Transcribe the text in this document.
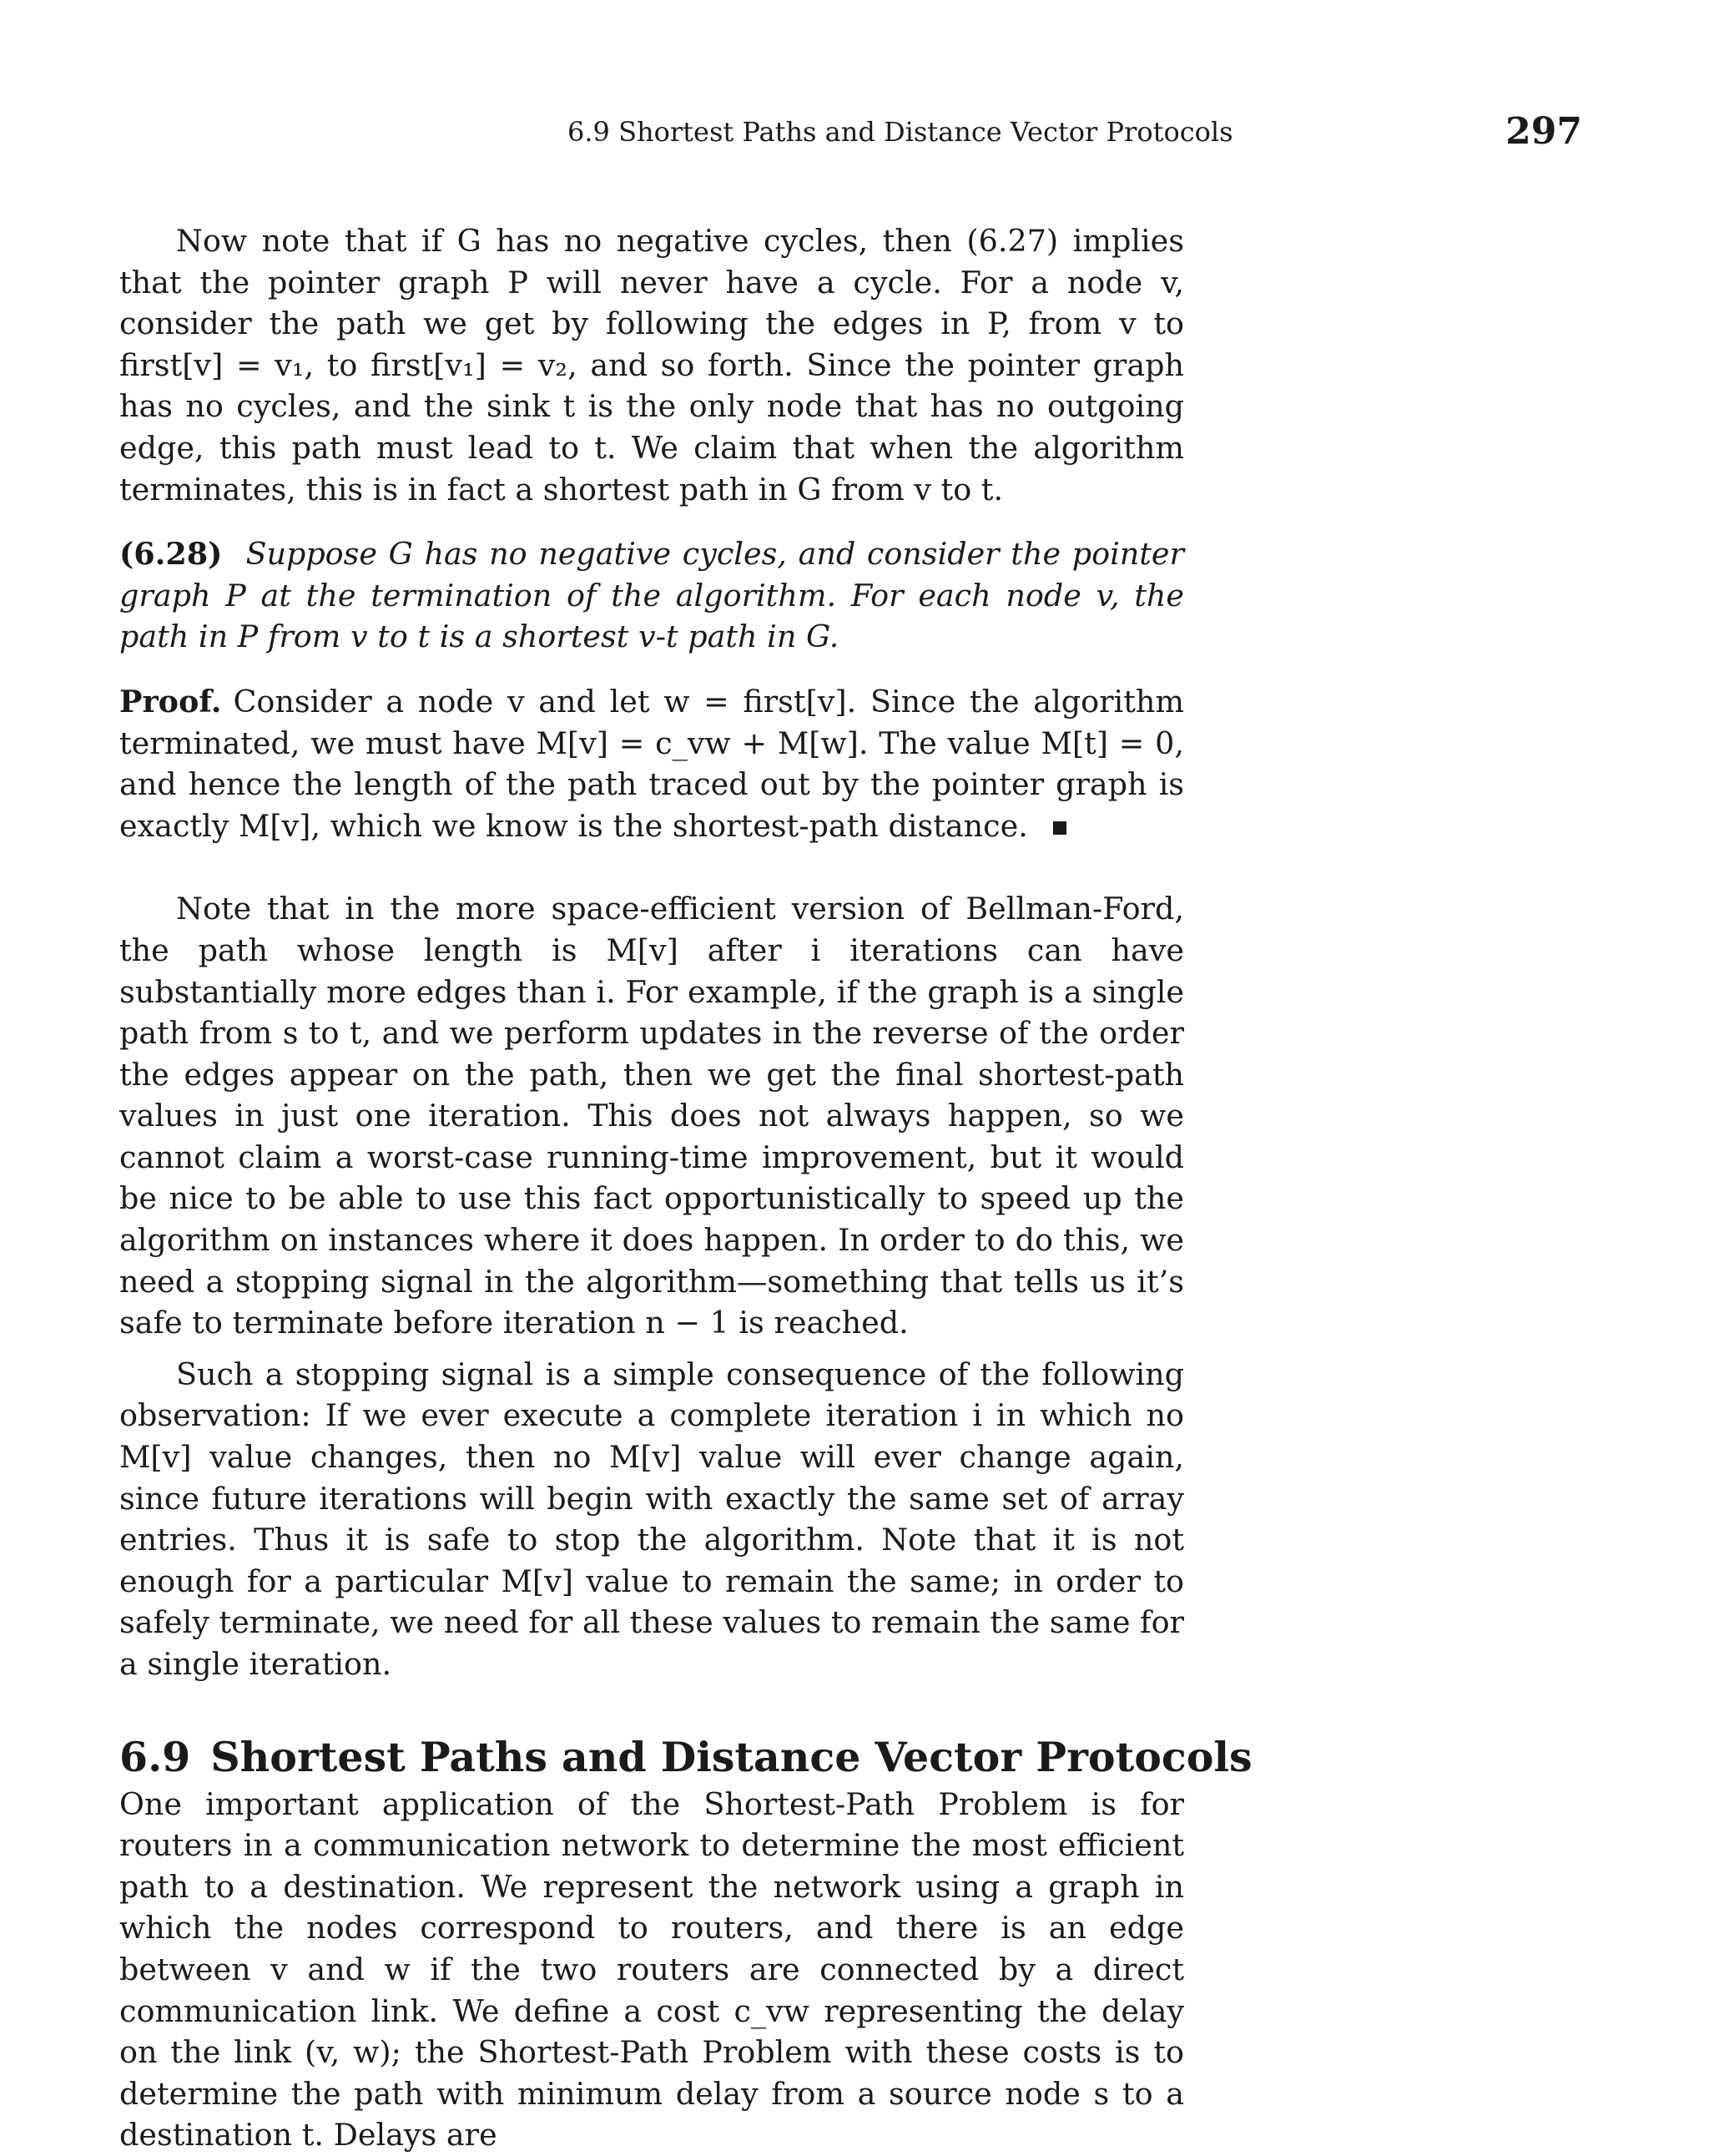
6.9 Shortest Paths and Distance Vector Protocols	297

Now note that if G has no negative cycles, then (6.27) implies that the pointer graph P will never have a cycle. For a node v, consider the path we get by following the edges in P, from v to first[v] = v₁, to first[v₁] = v₂, and so forth. Since the pointer graph has no cycles, and the sink t is the only node that has no outgoing edge, this path must lead to t. We claim that when the algorithm terminates, this is in fact a shortest path in G from v to t.

(6.28) Suppose G has no negative cycles, and consider the pointer graph P at the termination of the algorithm. For each node v, the path in P from v to t is a shortest v-t path in G.

Proof. Consider a node v and let w = first[v]. Since the algorithm terminated, we must have M[v] = c_vw + M[w]. The value M[t] = 0, and hence the length of the path traced out by the pointer graph is exactly M[v], which we know is the shortest-path distance.

Note that in the more space-efficient version of Bellman-Ford, the path whose length is M[v] after i iterations can have substantially more edges than i. For example, if the graph is a single path from s to t, and we perform updates in the reverse of the order the edges appear on the path, then we get the final shortest-path values in just one iteration. This does not always happen, so we cannot claim a worst-case running-time improvement, but it would be nice to be able to use this fact opportunistically to speed up the algorithm on instances where it does happen. In order to do this, we need a stopping signal in the algorithm—something that tells us it’s safe to terminate before iteration n − 1 is reached.

Such a stopping signal is a simple consequence of the following observation: If we ever execute a complete iteration i in which no M[v] value changes, then no M[v] value will ever change again, since future iterations will begin with exactly the same set of array entries. Thus it is safe to stop the algorithm. Note that it is not enough for a particular M[v] value to remain the same; in order to safely terminate, we need for all these values to remain the same for a single iteration.

6.9 Shortest Paths and Distance Vector Protocols

One important application of the Shortest-Path Problem is for routers in a communication network to determine the most efficient path to a destination. We represent the network using a graph in which the nodes correspond to routers, and there is an edge between v and w if the two routers are connected by a direct communication link. We define a cost c_vw representing the delay on the link (v, w); the Shortest-Path Problem with these costs is to determine the path with minimum delay from a source node s to a destination t. Delays are
